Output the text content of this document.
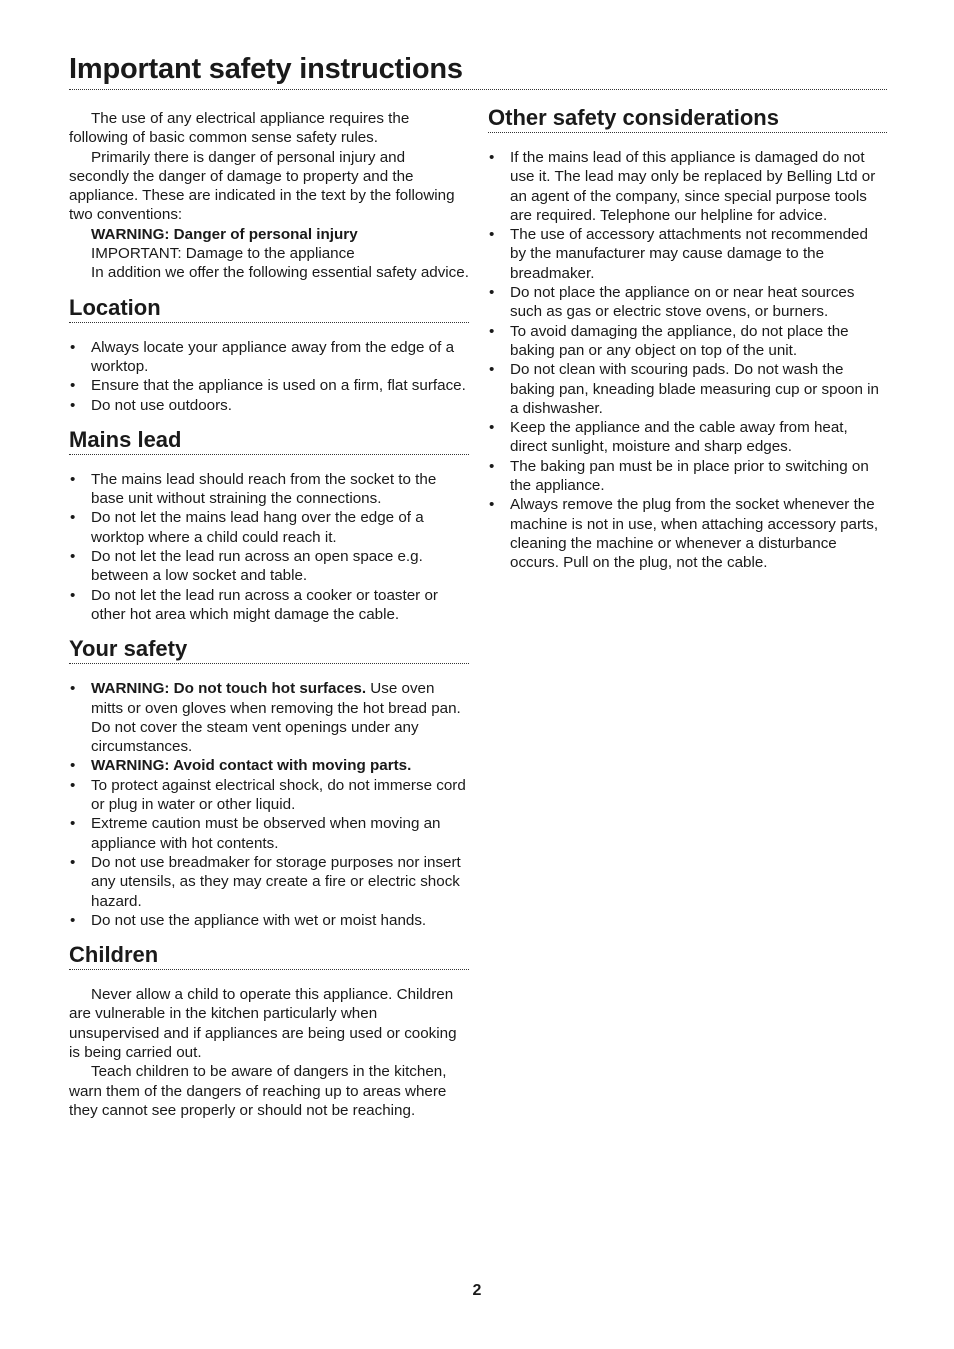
Important safety instructions

The use of any electrical appliance requires the following of basic common sense safety rules.

Primarily there is danger of personal injury and secondly the danger of damage to property and the appliance. These are indicated in the text by the following two conventions:

WARNING: Danger of personal injury

IMPORTANT: Damage to the appliance

In addition we offer the following essential safety advice.

Location
• Always locate your appliance away from the edge of a worktop.
• Ensure that the appliance is used on a firm, flat surface.
• Do not use outdoors.
Mains lead
• The mains lead should reach from the socket to the base unit without straining the connections.
• Do not let the mains lead hang over the edge of a worktop where a child could reach it.
• Do not let the lead run across an open space e.g. between a low socket and table.
• Do not let the lead run across a cooker or toaster or other hot area which might damage the cable.
Your safety
• WARNING: Do not touch hot surfaces. Use oven mitts or oven gloves when removing the hot bread pan. Do not cover the steam vent openings under any circumstances.
• WARNING: Avoid contact with moving parts.
• To protect against electrical shock, do not immerse cord or plug in water or other liquid.
• Extreme caution must be observed when moving an appliance with hot contents.
• Do not use breadmaker for storage purposes nor insert any utensils, as they may create a fire or electric shock hazard.
• Do not use the appliance with wet or moist hands.
Children

Never allow a child to operate this appliance. Children are vulnerable in the kitchen particularly when unsupervised and if appliances are being used or cooking is being carried out.

Teach children to be aware of dangers in the kitchen, warn them of the dangers of reaching up to areas where they cannot see properly or should not be reaching.

Other safety considerations
• If the mains lead of this appliance is damaged do not use it. The lead may only be replaced by Belling Ltd or an agent of the company, since special purpose tools are required. Telephone our helpline for advice.
• The use of accessory attachments not recommended by the manufacturer may cause damage to the breadmaker.
• Do not place the appliance on or near heat sources such as gas or electric stove ovens, or burners.
• To avoid damaging the appliance, do not place the baking pan or any object on top of the unit.
• Do not clean with scouring pads. Do not wash the baking pan, kneading blade measuring cup or spoon in a dishwasher.
• Keep the appliance and the cable away from heat, direct sunlight, moisture and sharp edges.
• The baking pan must be in place prior to switching on the appliance.
• Always remove the plug from the socket whenever the machine is not in use, when attaching accessory parts, cleaning the machine or whenever a disturbance occurs. Pull on the plug, not the cable.
2
